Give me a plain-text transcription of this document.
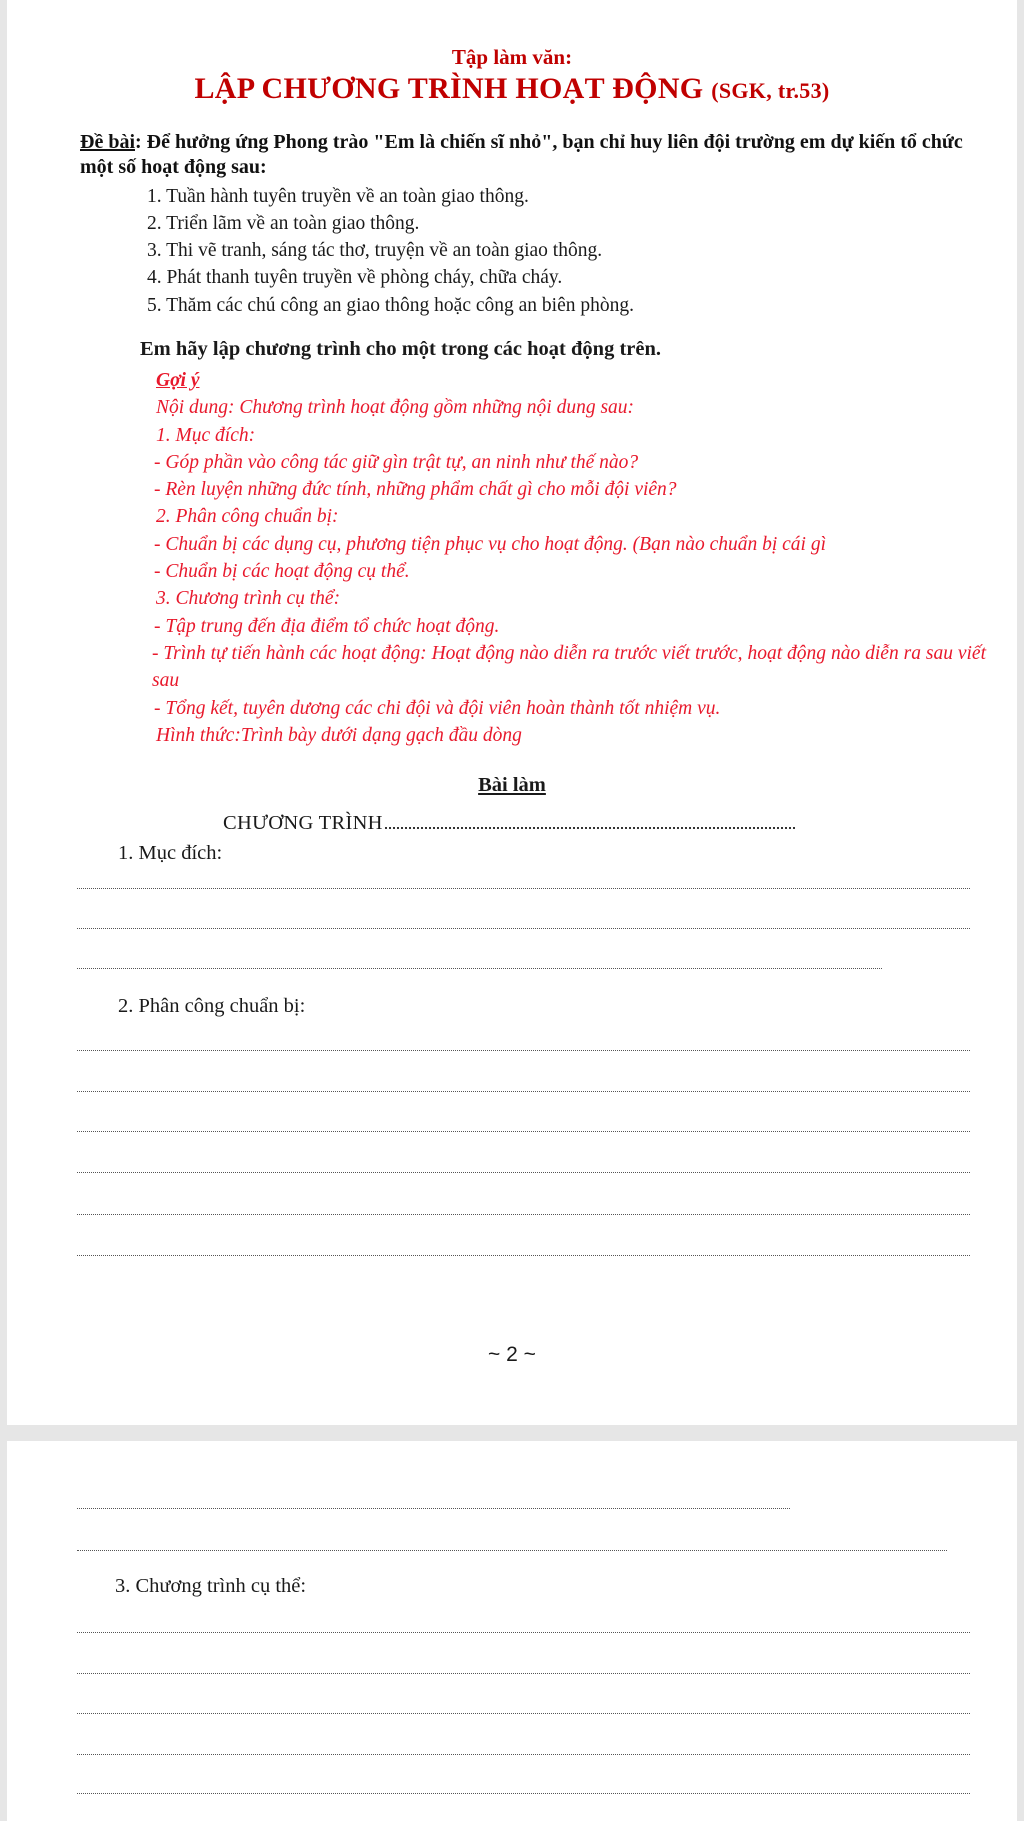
Tập làm văn:
LẬP CHƯƠNG TRÌNH HOẠT ĐỘNG (SGK, tr.53)
Đề bài: Để hưởng ứng Phong trào "Em là chiến sĩ nhỏ", bạn chỉ huy liên đội trường em dự kiến tổ chức một số hoạt động sau:
1. Tuần hành tuyên truyền về an toàn giao thông.
2. Triển lãm về an toàn giao thông.
3. Thi vẽ tranh, sáng tác thơ, truyện về an toàn giao thông.
4. Phát thanh tuyên truyền về phòng cháy, chữa cháy.
5. Thăm các chú công an giao thông hoặc công an biên phòng.
Em hãy lập chương trình cho một trong các hoạt động trên.
Gợi ý
Nội dung: Chương trình hoạt động gồm những nội dung sau:
1. Mục đích:
- Góp phần vào công tác giữ gìn trật tự, an ninh như thế nào?
- Rèn luyện những đức tính, những phẩm chất gì cho mỗi đội viên?
2. Phân công chuẩn bị:
- Chuẩn bị các dụng cụ, phương tiện phục vụ cho hoạt động. (Bạn nào chuẩn bị cái gì
- Chuẩn bị các hoạt động cụ thể.
3. Chương trình cụ thể:
- Tập trung đến địa điểm tổ chức hoạt động.
- Trình tự tiến hành các hoạt động: Hoạt động nào diễn ra trước viết trước, hoạt động nào diễn ra sau viết sau
- Tổng kết, tuyên dương các chi đội và đội viên hoàn thành tốt nhiệm vụ.
Hình thức:Trình bày dưới dạng gạch đầu dòng
Bài làm
CHƯƠNG TRÌNH
1. Mục đích:
2. Phân công chuẩn bị:
~ 2 ~
3. Chương trình cụ thể:
